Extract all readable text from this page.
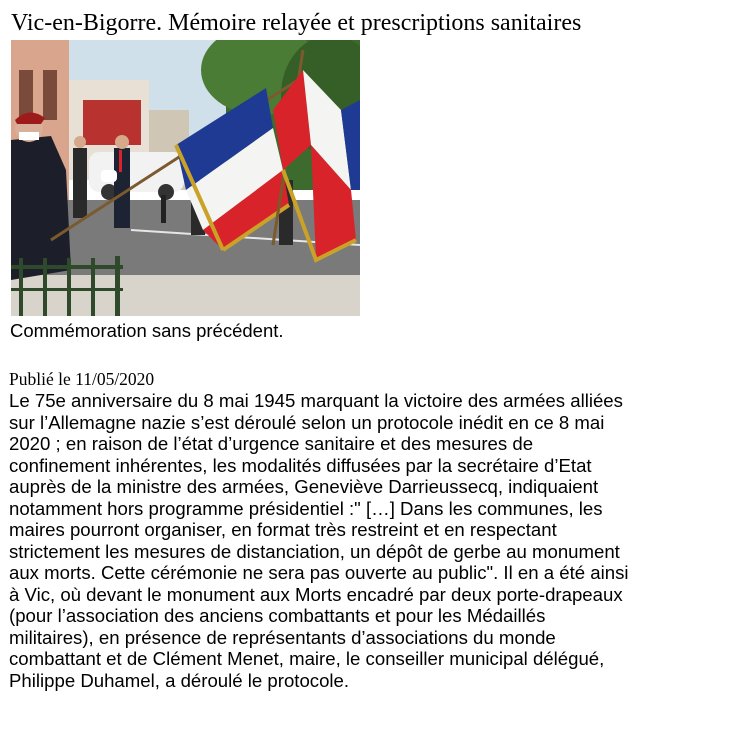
Vic-en-Bigorre. Mémoire relayée et prescriptions sanitaires

Commémoration sans précédent.

Publié le 11/05/2020

Le 75e anniversaire du 8 mai 1945 marquant la victoire des armées alliées
sur l’Allemagne nazie s’est déroulé selon un protocole inédit en ce 8 mai
2020 ; en raison de l’état d’urgence sanitaire et des mesures de
confinement inhérentes, les modalités diffusées par la secrétaire d’Etat
auprès de la ministre des armées, Geneviève Darrieussecq, indiquaient
notamment hors programme présidentiel :" […] Dans les communes, les
maires pourront organiser, en format très restreint et en respectant
strictement les mesures de distanciation, un dépôt de gerbe au monument
aux morts. Cette cérémonie ne sera pas ouverte au public". Il en a été ainsi
à Vic, où devant le monument aux Morts encadré par deux porte-drapeaux
(pour l’association des anciens combattants et pour les Médaillés
militaires), en présence de représentants d’associations du monde
combattant et de Clément Menet, maire, le conseiller municipal délégué,
Philippe Duhamel, a déroulé le protocole.
